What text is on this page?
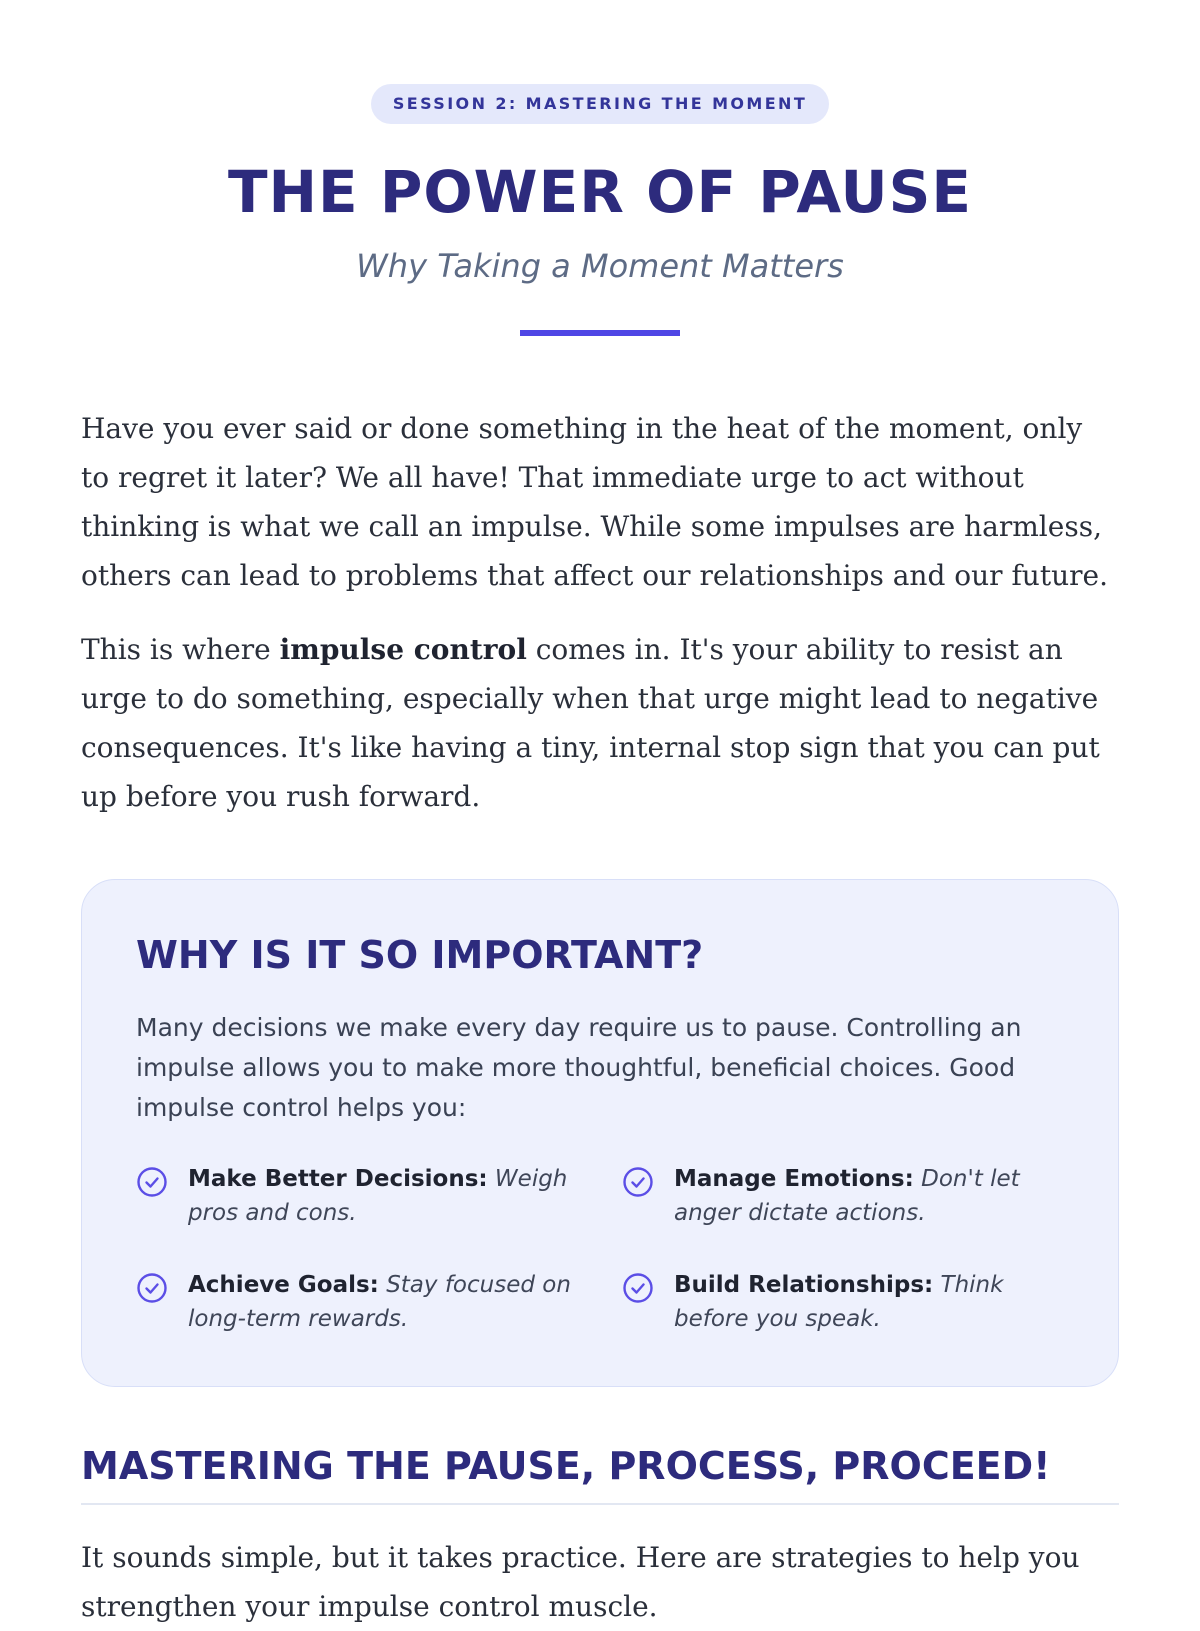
SESSION 2: MASTERING THE MOMENT
THE POWER OF PAUSE

Why Taking a Moment Matters

Have you ever said or done something in the heat of the moment, only to regret it later? We all have! That immediate urge to act without thinking is what we call an impulse. While some impulses are harmless, others can lead to problems that affect our relationships and our future.

This is where impulse control comes in. It's your ability to resist an urge to do something, especially when that urge might lead to negative consequences. It's like having a tiny, internal stop sign that you can put up before you rush forward.

WHY IS IT SO IMPORTANT?

Many decisions we make every day require us to pause. Controlling an impulse allows you to make more thoughtful, beneficial choices. Good impulse control helps you:

Make Better Decisions: Weigh pros and cons.
Manage Emotions: Don't let anger dictate actions.
Achieve Goals: Stay focused on long-term rewards.
Build Relationships: Think before you speak.
MASTERING THE PAUSE, PROCESS, PROCEED!

It sounds simple, but it takes practice. Here are strategies to help you strengthen your impulse control muscle.
